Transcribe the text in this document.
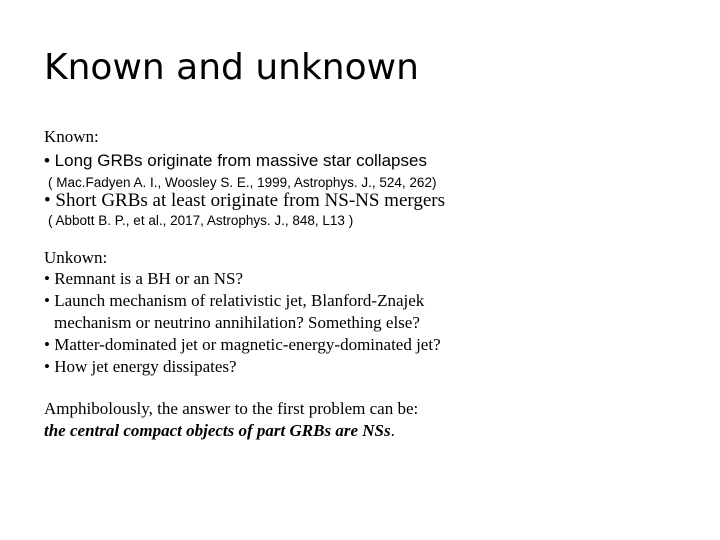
Known and unknown
Known:
• Long GRBs originate from massive star collapses
( Mac.Fadyen A. I., Woosley S. E., 1999, Astrophys. J., 524, 262)
• Short GRBs at least originate from NS-NS mergers
( Abbott B. P., et al., 2017, Astrophys. J., 848, L13 )
Unkown:
• Remnant is a BH or an NS?
• Launch mechanism of relativistic jet, Blanford-Znajek
mechanism or neutrino annihilation? Something else?
• Matter-dominated jet or magnetic-energy-dominated jet?
• How jet energy dissipates?
Amphibolously, the answer to the first problem can be:
the central compact objects of part GRBs are NSs.
